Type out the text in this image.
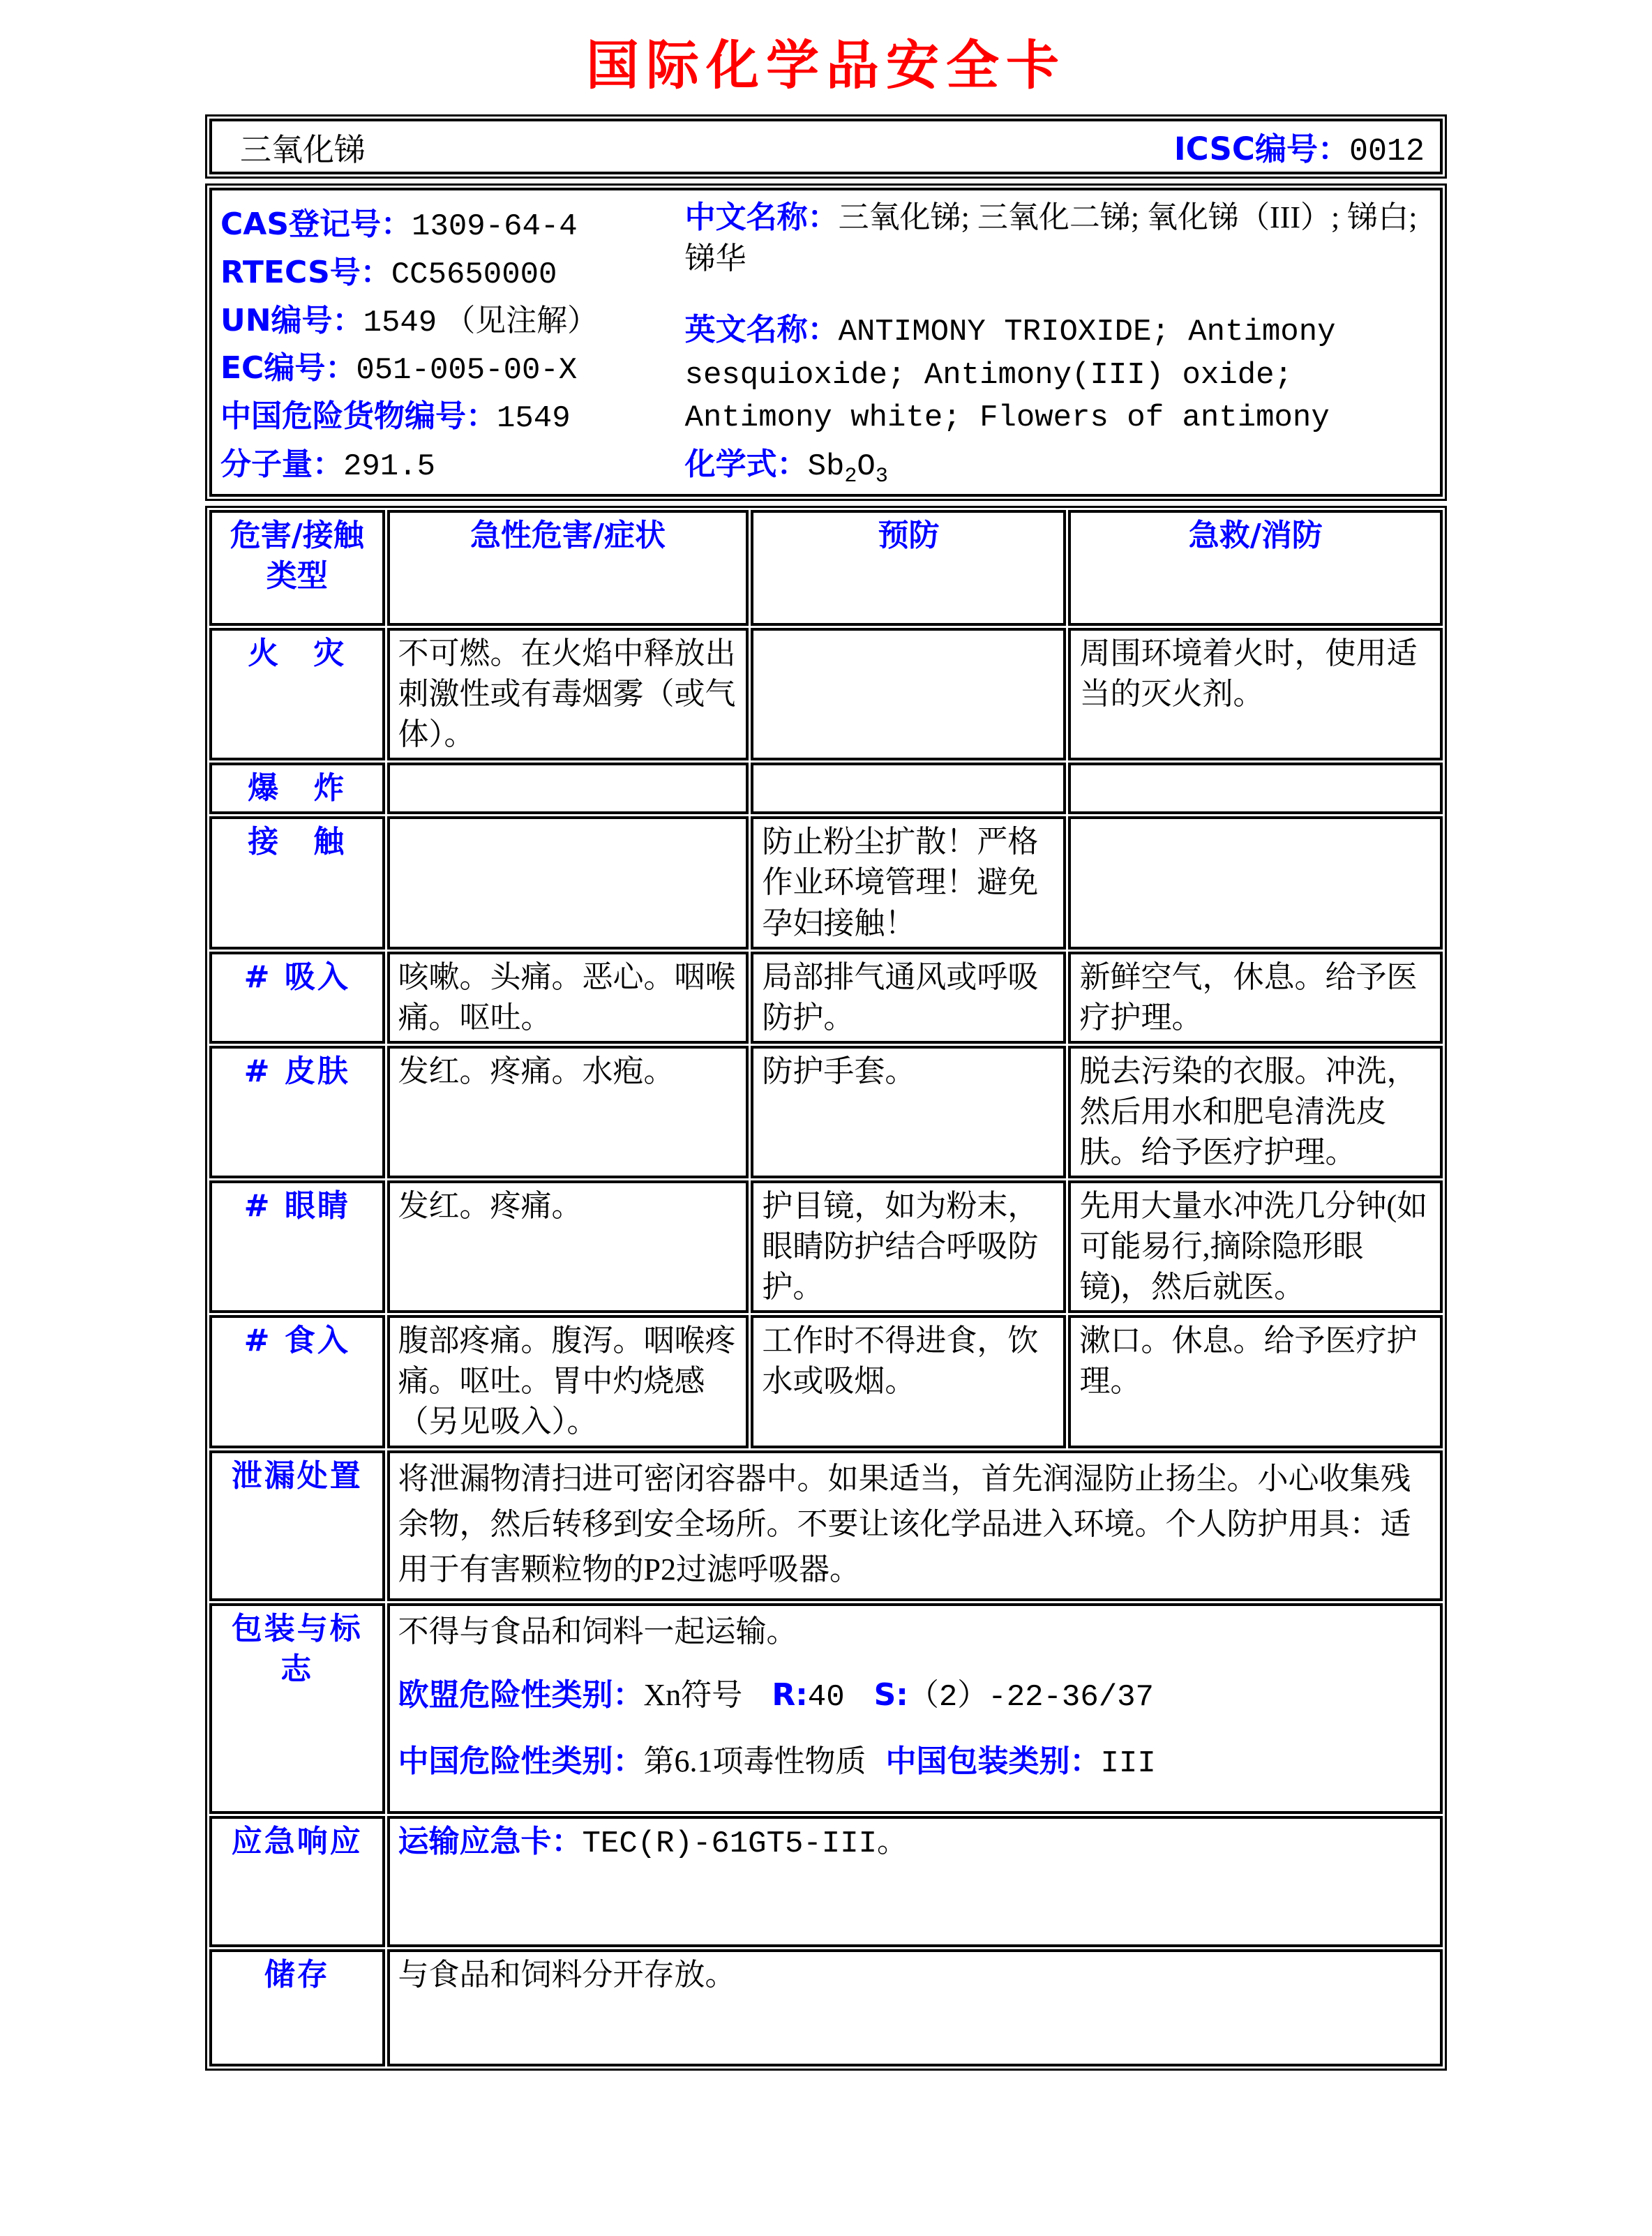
国际化学品安全卡
三氧化锑	ICSC编号：0012
CAS登记号：1309-64-4
RTECS号：CC5650000
UN编号：1549 （见注解）
EC编号：051-005-00-X
中国危险货物编号：1549
分子量：291.5

中文名称：三氧化锑; 三氧化二锑; 氧化锑（III）; 锑白; 锑华

英文名称：ANTIMONY TRIOXIDE; Antimony sesquioxide; Antimony(III) oxide; Antimony white; Flowers of antimony

化学式：$Sb_2O_3$

危害/接触
类型	急性危害/症状	预防	急救/消防
火　灾	不可燃。在火焰中释放出刺激性或有毒烟雾（或气体）。		周围环境着火时，使用适当的灭火剂。
爆　炸			
接　触		防止粉尘扩散！严格作业环境管理！避免孕妇接触！	
# 吸入	咳嗽。头痛。恶心。咽喉痛。呕吐。	局部排气通风或呼吸防护。	新鲜空气，休息。给予医疗护理。
# 皮肤	发红。疼痛。水疱。	防护手套。	脱去污染的衣服。冲洗，然后用水和肥皂清洗皮肤。给予医疗护理。
# 眼睛	发红。疼痛。	护目镜，如为粉末，眼睛防护结合呼吸防护。	先用大量水冲洗几分钟(如可能易行,摘除隐形眼镜)，然后就医。
# 食入	腹部疼痛。腹泻。咽喉疼痛。呕吐。胃中灼烧感（另见吸入）。	工作时不得进食，饮水或吸烟。	漱口。休息。给予医疗护理。
泄漏处置	将泄漏物清扫进可密闭容器中。如果适当，首先润湿防止扬尘。小心收集残余物，然后转移到安全场所。不要让该化学品进入环境。个人防护用具：适用于有害颗粒物的P2过滤呼吸器。		
包装与标志	不得与食品和饲料一起运输。

欧盟危险性类别：Xn符号 R:40 S:（2）-22-36/37

中国危险性类别：第6.1项毒性物质 中国包装类别：III		

应急响应	运输应急卡：TEC(R)-61GT5-III。		
储存	与食品和饲料分开存放。		
